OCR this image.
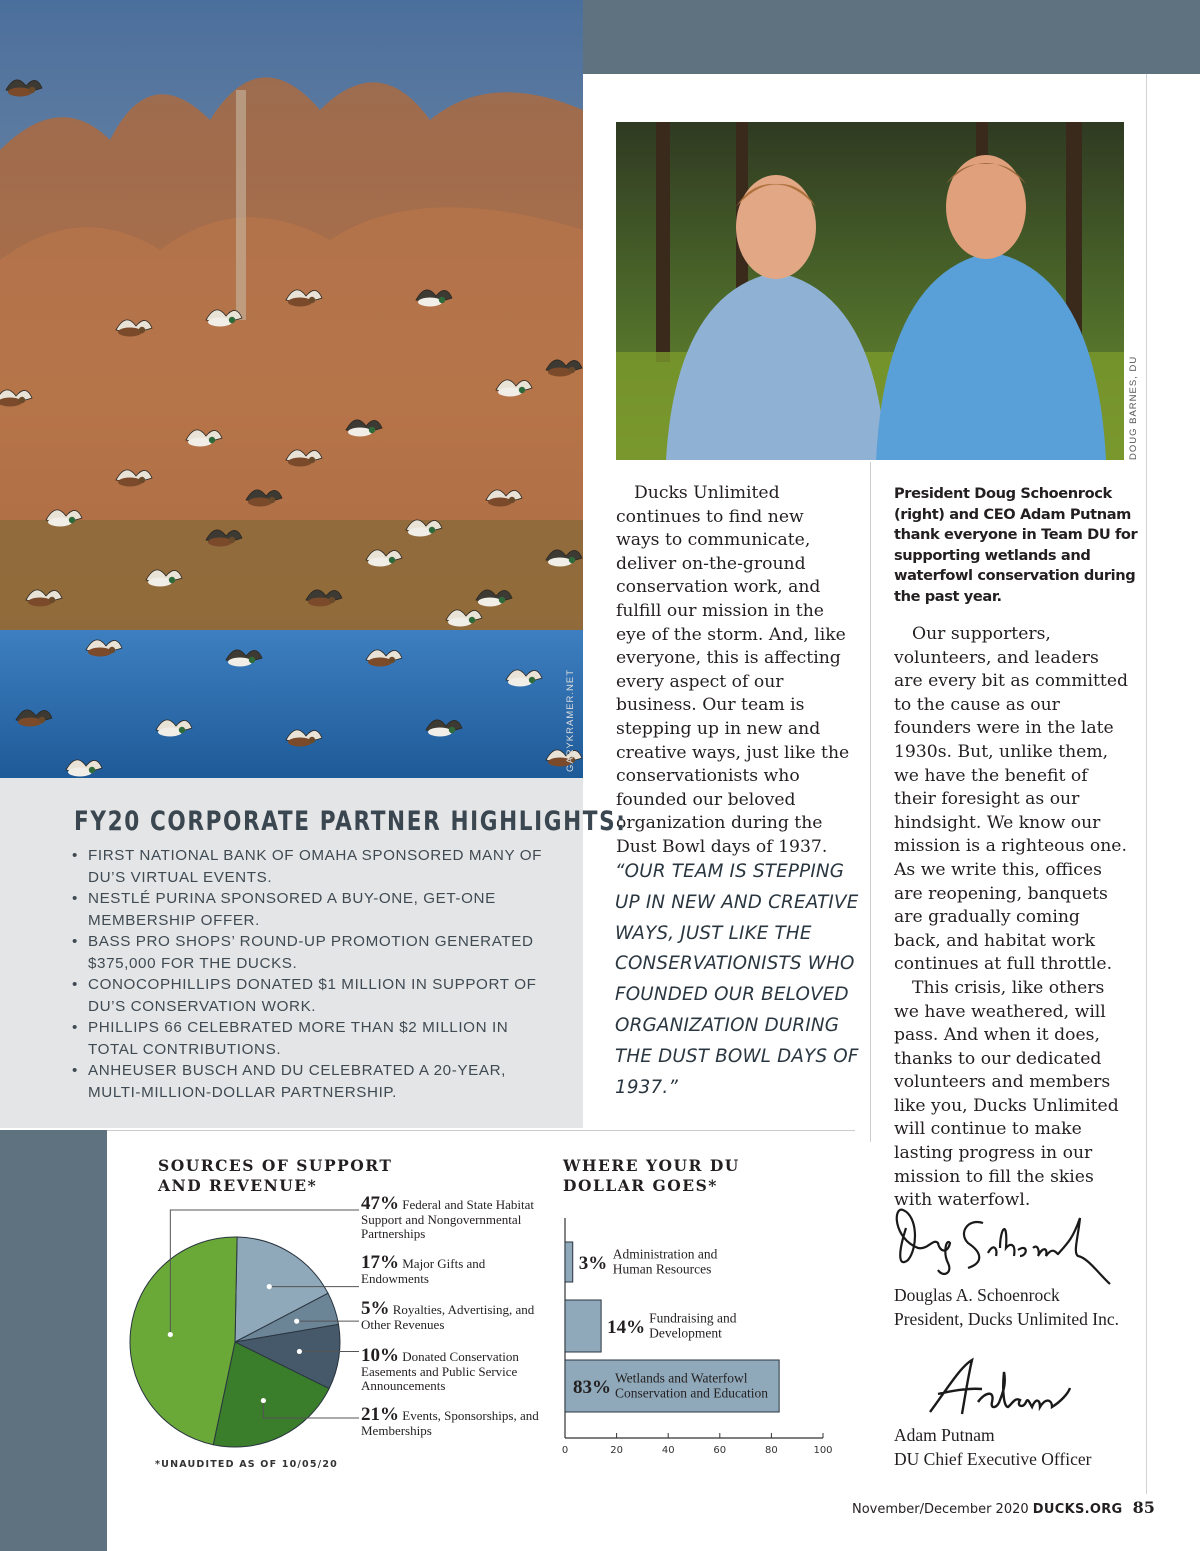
GARYKRAMER.NET
DOUG BARNES, DU
President Doug Schoenrock (right) and CEO Adam Putnam thank everyone in Team DU for supporting wetlands and waterfowl conservation during the past year.

Ducks Unlimited continues to find new ways to communicate, deliver on-the-ground conservation work, and fulfill our mission in the eye of the storm. And, like everyone, this is affecting every aspect of our business. Our team is stepping up in new and creative ways, just like the conservationists who founded our beloved organization during the Dust Bowl days of 1937.

“OUR TEAM IS STEPPING UP IN NEW AND CREATIVE WAYS, JUST LIKE THE CONSERVATIONISTS WHO FOUNDED OUR BELOVED ORGANIZATION DURING THE DUST BOWL DAYS OF 1937.”

Our supporters, volunteers, and leaders are every bit as committed to the cause as our founders were in the late 1930s. But, unlike them, we have the benefit of their foresight as our hindsight. We know our mission is a righteous one. As we write this, offices are reopening, banquets are gradually coming back, and habitat work continues at full throttle.

This crisis, like others we have weathered, will pass. And when it does, thanks to our dedicated volunteers and members like you, Ducks Unlimited will continue to make lasting progress in our mission to fill the skies with waterfowl.

FY20 CORPORATE PARTNER HIGHLIGHTS:
• FIRST NATIONAL BANK OF OMAHA SPONSORED MANY OF DU’S VIRTUAL EVENTS.
• NESTLÉ PURINA SPONSORED A BUY-ONE, GET-ONE MEMBERSHIP OFFER.
• BASS PRO SHOPS’ ROUND-UP PROMOTION GENERATED $375,000 FOR THE DUCKS.
• CONOCOPHILLIPS DONATED $1 MILLION IN SUPPORT OF DU’S CONSERVATION WORK.
• PHILLIPS 66 CELEBRATED MORE THAN $2 MILLION IN TOTAL CONTRIBUTIONS.
• ANHEUSER BUSCH AND DU CELEBRATED A 20-YEAR, MULTI-MILLION-DOLLAR PARTNERSHIP.
SOURCES OF SUPPORT AND REVENUE*
47% Federal and State Habitat Support and Nongovernmental Partnerships
17% Major Gifts and Endowments
5% Royalties, Advertising, and Other Revenues
10% Donated Conservation Easements and Public Service Announcements
21% Events, Sponsorships, and Memberships
*UNAUDITED AS OF 10/05/20
WHERE YOUR DU DOLLAR GOES*
0	20	40	60	80	100
3% Administration and Human Resources
14% Fundraising and Development
83% Wetlands and Waterfowl Conservation and Education
Douglas A. Schoenrock
President, Ducks Unlimited Inc.
Adam Putnam
DU Chief Executive Officer
November/December 2020 DUCKS.ORG 85
